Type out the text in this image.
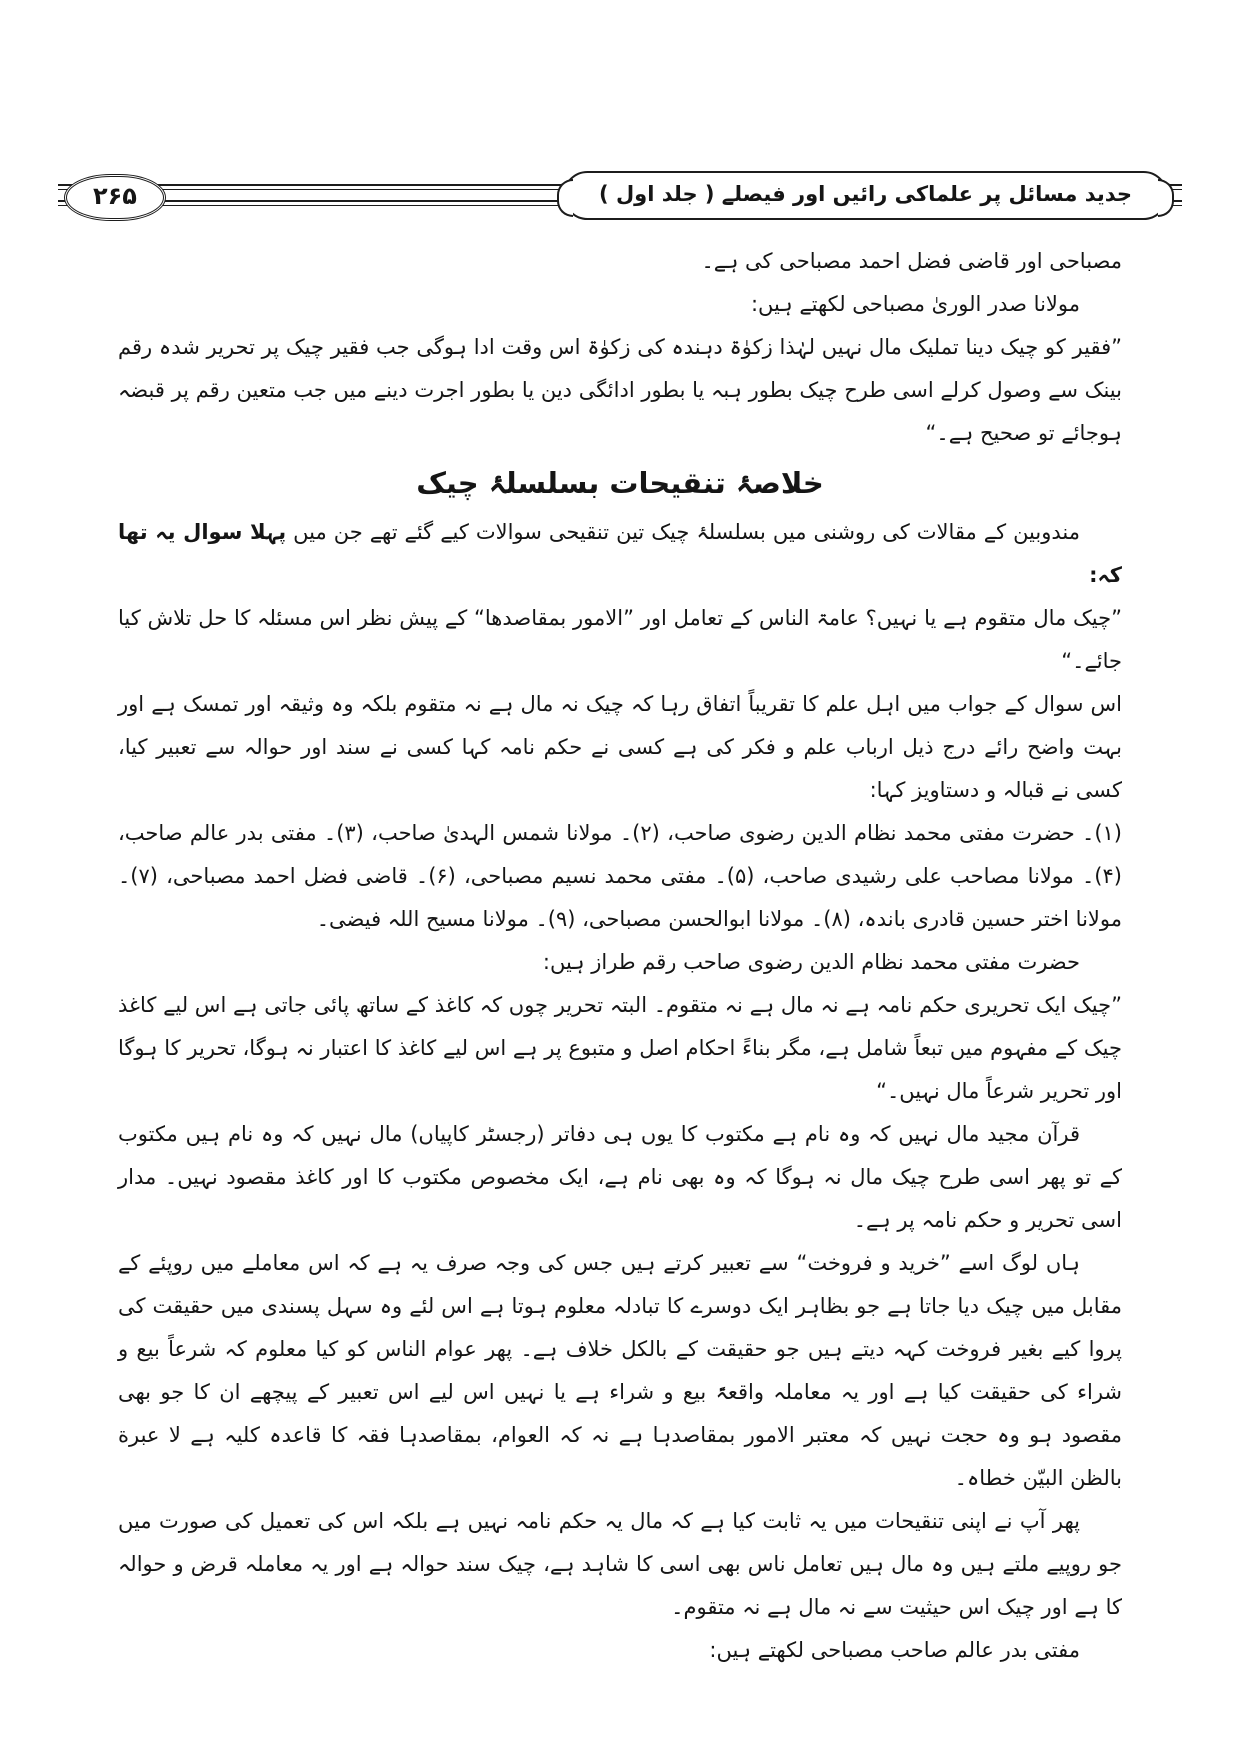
۲۶۵	جدید مسائل پر علماکی رائیں اور فیصلے ( جلد اول )

مصباحی اور قاضی فضل احمد مصباحی کی ہے۔

مولانا صدر الوریٰ مصباحی لکھتے ہیں:

”فقیر کو چیک دینا تملیک مال نہیں لہٰذا زکوٰۃ دہندہ کی زکوٰۃ اس وقت ادا ہوگی جب فقیر چیک پر تحریر شدہ رقم بینک سے وصول کرلے اسی طرح چیک بطور ہبہ یا بطور ادائگی دین یا بطور اجرت دینے میں جب متعین رقم پر قبضہ ہوجائے تو صحیح ہے۔“

خلاصۂ تنقیحات بسلسلۂ چیک

مندوبین کے مقالات کی روشنی میں بسلسلۂ چیک تین تنقیحی سوالات کیے گئے تھے جن میں پہلا سوال یہ تھا کہ:

”چیک مال متقوم ہے یا نہیں؟ عامۃ الناس کے تعامل اور ”الامور بمقاصدھا“ کے پیش نظر اس مسئلہ کا حل تلاش کیا جائے۔“

اس سوال کے جواب میں اہل علم کا تقریباً اتفاق رہا کہ چیک نہ مال ہے نہ متقوم بلکہ وہ وثیقہ اور تمسک ہے اور بہت واضح رائے درج ذیل ارباب علم و فکر کی ہے کسی نے حکم نامہ کہا کسی نے سند اور حوالہ سے تعبیر کیا، کسی نے قبالہ و دستاویز کہا:

(۱)۔ حضرت مفتی محمد نظام الدین رضوی صاحب، (۲)۔ مولانا شمس الہدیٰ صاحب، (۳)۔ مفتی بدر عالم صاحب، (۴)۔ مولانا مصاحب علی رشیدی صاحب، (۵)۔ مفتی محمد نسیم مصباحی، (۶)۔ قاضی فضل احمد مصباحی، (۷)۔ مولانا اختر حسین قادری باندہ، (۸)۔ مولانا ابوالحسن مصباحی، (۹)۔ مولانا مسیح اللہ فیضی۔

حضرت مفتی محمد نظام الدین رضوی صاحب رقم طراز ہیں:

”چیک ایک تحریری حکم نامہ ہے نہ مال ہے نہ متقوم۔ البتہ تحریر چوں کہ کاغذ کے ساتھ پائی جاتی ہے اس لیے کاغذ چیک کے مفہوم میں تبعاً شامل ہے، مگر بناءً احکام اصل و متبوع پر ہے اس لیے کاغذ کا اعتبار نہ ہوگا، تحریر کا ہوگا اور تحریر شرعاً مال نہیں۔“

قرآن مجید مال نہیں کہ وہ نام ہے مکتوب کا یوں ہی دفاتر (رجسٹر کاپیاں) مال نہیں کہ وہ نام ہیں مکتوب کے تو پھر اسی طرح چیک مال نہ ہوگا کہ وہ بھی نام ہے، ایک مخصوص مکتوب کا اور کاغذ مقصود نہیں۔ مدار اسی تحریر و حکم نامہ پر ہے۔

ہاں لوگ اسے ”خرید و فروخت“ سے تعبیر کرتے ہیں جس کی وجہ صرف یہ ہے کہ اس معاملے میں روپئے کے مقابل میں چیک دیا جاتا ہے جو بظاہر ایک دوسرے کا تبادلہ معلوم ہوتا ہے اس لئے وہ سہل پسندی میں حقیقت کی پروا کیے بغیر فروخت کہہ دیتے ہیں جو حقیقت کے بالکل خلاف ہے۔ پھر عوام الناس کو کیا معلوم کہ شرعاً بیع و شراء کی حقیقت کیا ہے اور یہ معاملہ واقعۃً بیع و شراء ہے یا نہیں اس لیے اس تعبیر کے پیچھے ان کا جو بھی مقصود ہو وہ حجت نہیں کہ معتبر الامور بمقاصدہا ہے نہ کہ العوام، بمقاصدہا فقہ کا قاعدہ کلیہ ہے لا عبرة بالظن البیّن خطاہ۔

پھر آپ نے اپنی تنقیحات میں یہ ثابت کیا ہے کہ مال یہ حکم نامہ نہیں ہے بلکہ اس کی تعمیل کی صورت میں جو روپیے ملتے ہیں وہ مال ہیں تعامل ناس بھی اسی کا شاہد ہے، چیک سند حوالہ ہے اور یہ معاملہ قرض و حوالہ کا ہے اور چیک اس حیثیت سے نہ مال ہے نہ متقوم۔

مفتی بدر عالم صاحب مصباحی لکھتے ہیں:
